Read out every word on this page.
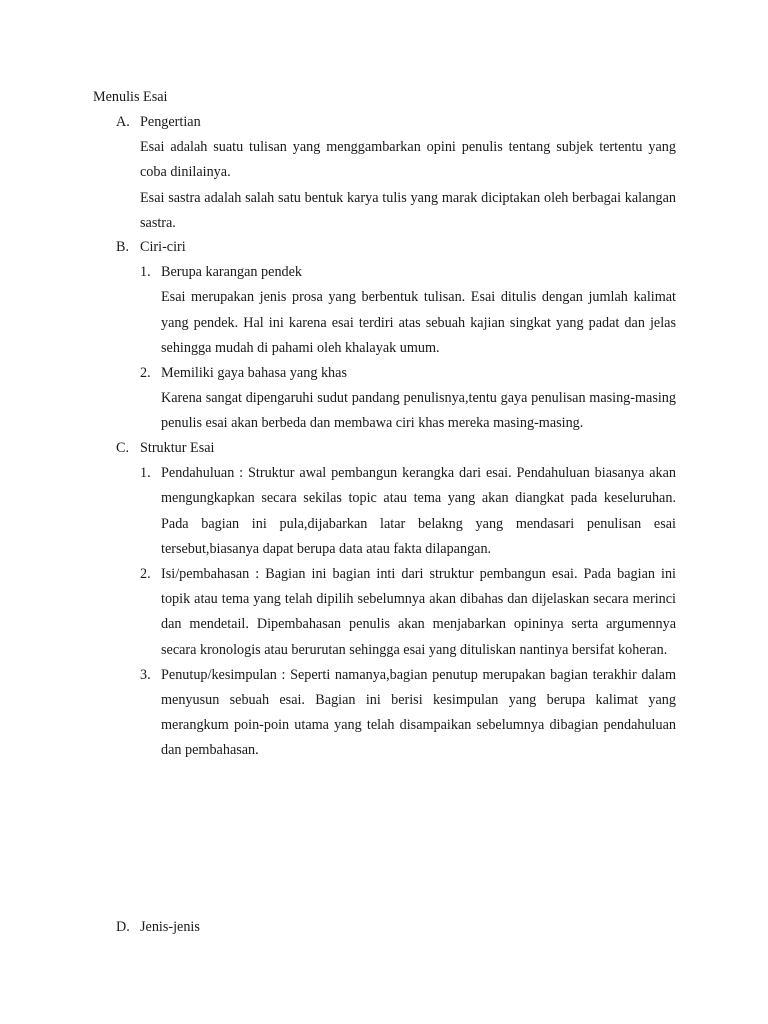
Menulis Esai
A. Pengertian
Esai adalah suatu tulisan yang menggambarkan opini penulis tentang subjek tertentu yang coba dinilainya.
Esai sastra adalah salah satu bentuk karya tulis yang marak diciptakan oleh berbagai kalangan sastra.
B. Ciri-ciri
1. Berupa karangan pendek
Esai merupakan jenis prosa yang berbentuk tulisan. Esai ditulis dengan jumlah kalimat yang pendek. Hal ini karena esai terdiri atas sebuah kajian singkat yang padat dan jelas sehingga mudah di pahami oleh khalayak umum.
2. Memiliki gaya bahasa yang khas
Karena sangat dipengaruhi sudut pandang penulisnya,tentu gaya penulisan masing-masing penulis esai akan berbeda dan membawa ciri khas mereka masing-masing.
C. Struktur Esai
1. Pendahuluan : Struktur awal pembangun kerangka dari esai. Pendahuluan biasanya akan mengungkapkan secara sekilas topic atau tema yang akan diangkat pada keseluruhan. Pada bagian ini pula,dijabarkan latar belakng yang mendasari penulisan esai tersebut,biasanya dapat berupa data atau fakta dilapangan.
2. Isi/pembahasan : Bagian ini bagian inti dari struktur pembangun esai. Pada bagian ini topik atau tema yang telah dipilih sebelumnya akan dibahas dan dijelaskan secara merinci dan mendetail. Dipembahasan penulis akan menjabarkan opininya serta argumennya secara kronologis atau berurutan sehingga esai yang dituliskan nantinya bersifat koheran.
3. Penutup/kesimpulan : Seperti namanya,bagian penutup merupakan bagian terakhir dalam menyusun sebuah esai. Bagian ini berisi kesimpulan yang berupa kalimat yang merangkum poin-poin utama yang telah disampaikan sebelumnya dibagian pendahuluan dan pembahasan.
D. Jenis-jenis
